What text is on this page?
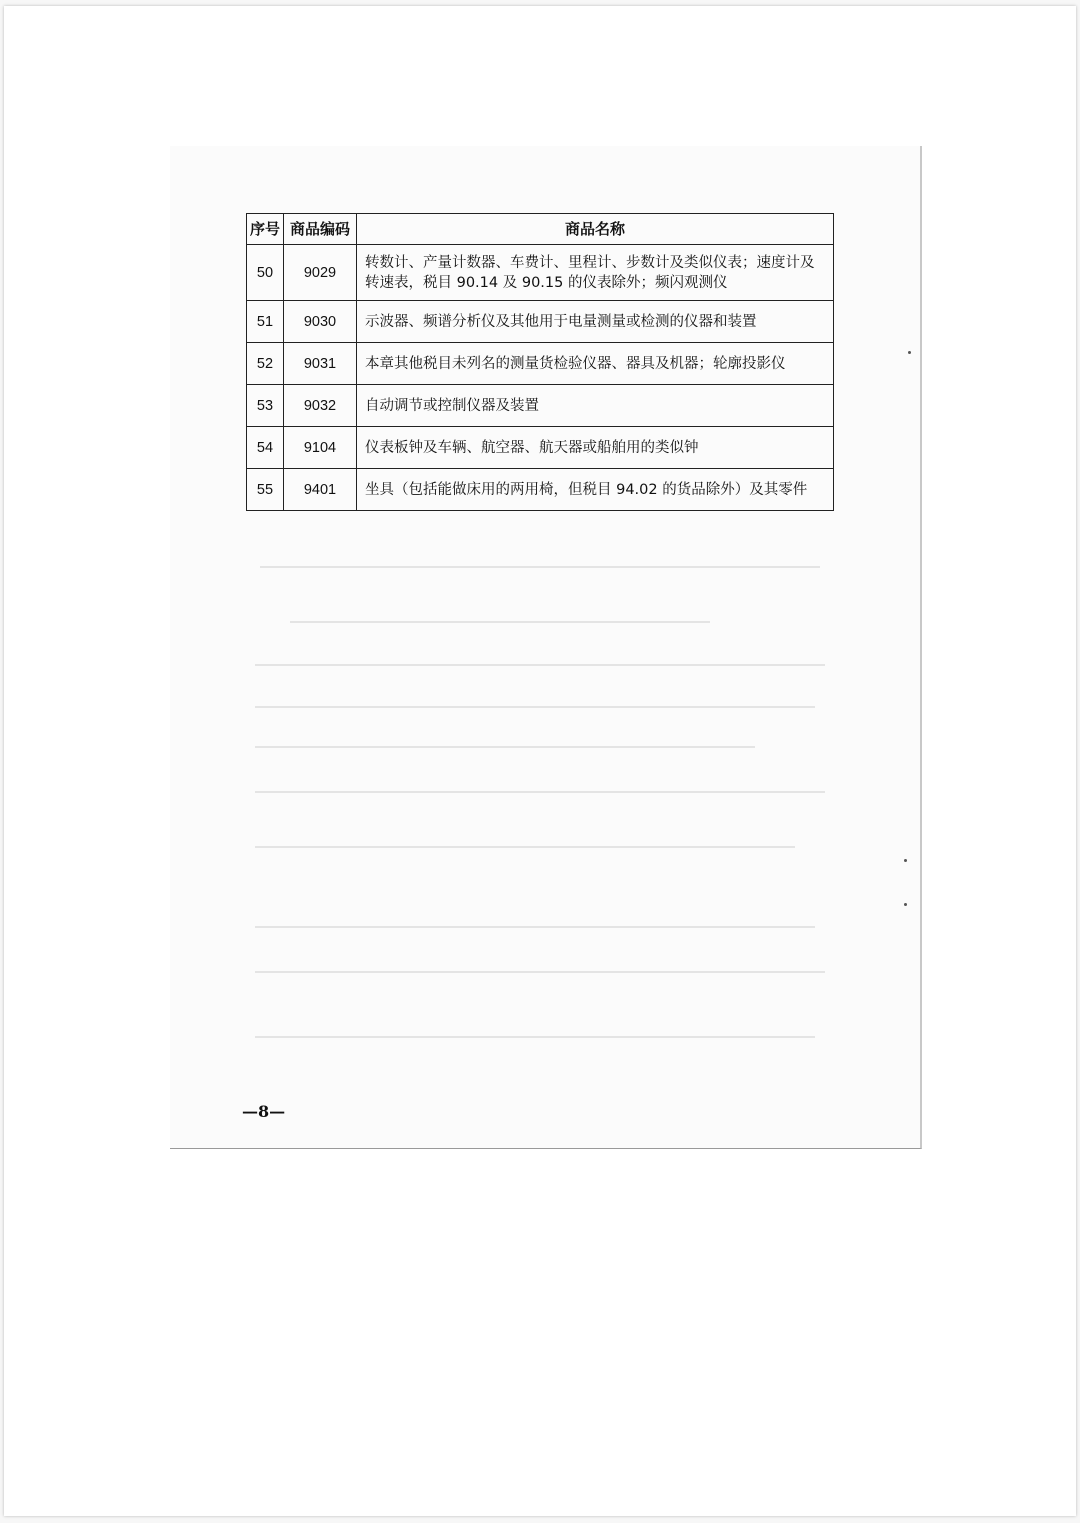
序号	商品编码	商品名称
50	9029	转数计、产量计数器、车费计、里程计、步数计及类似仪表；速度计及转速表，税目 90.14 及 90.15 的仪表除外；频闪观测仪
51	9030	示波器、频谱分析仪及其他用于电量测量或检测的仪器和装置
52	9031	本章其他税目未列名的测量货检验仪器、器具及机器；轮廓投影仪
53	9032	自动调节或控制仪器及装置
54	9104	仪表板钟及车辆、航空器、航天器或船舶用的类似钟
55	9401	坐具（包括能做床用的两用椅，但税目 94.02 的货品除外）及其零件
—8—
